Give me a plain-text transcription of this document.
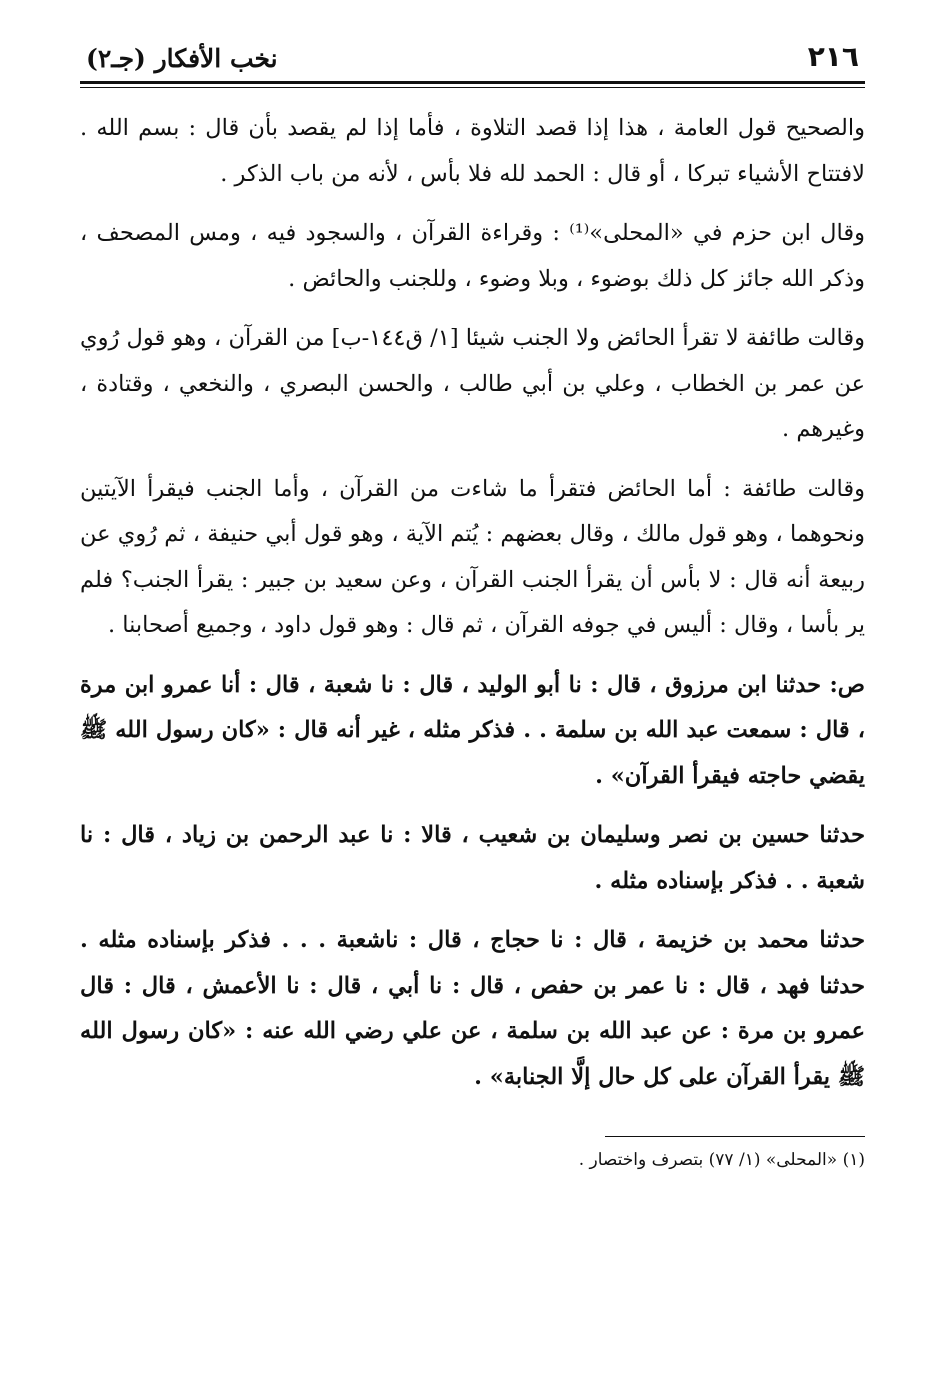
٢١٦
نخب الأفكار (جـ٢)

والصحيح قول العامة ، هذا إذا قصد التلاوة ، فأما إذا لم يقصد بأن قال : بسم الله . لافتتاح الأشياء تبركا ، أو قال : الحمد لله فلا بأس ، لأنه من باب الذكر .

وقال ابن حزم في «المحلى»⁽¹⁾ : وقراءة القرآن ، والسجود فيه ، ومس المصحف ، وذكر الله جائز كل ذلك بوضوء ، وبلا وضوء ، وللجنب والحائض .

وقالت طائفة لا تقرأ الحائض ولا الجنب شيئا [١/ ق١٤٤-ب] من القرآن ، وهو قول رُوي عن عمر بن الخطاب ، وعلي بن أبي طالب ، والحسن البصري ، والنخعي ، وقتادة ، وغيرهم .

وقالت طائفة : أما الحائض فتقرأ ما شاءت من القرآن ، وأما الجنب فيقرأ الآيتين ونحوهما ، وهو قول مالك ، وقال بعضهم : يُتم الآية ، وهو قول أبي حنيفة ، ثم رُوي عن ربيعة أنه قال : لا بأس أن يقرأ الجنب القرآن ، وعن سعيد بن جبير : يقرأ الجنب؟ فلم ير بأسا ، وقال : أليس في جوفه القرآن ، ثم قال : وهو قول داود ، وجميع أصحابنا .

ص: حدثنا ابن مرزوق ، قال : نا أبو الوليد ، قال : نا شعبة ، قال : أنا عمرو ابن مرة ، قال : سمعت عبد الله بن سلمة . . فذكر مثله ، غير أنه قال : «كان رسول الله ﷺ يقضي حاجته فيقرأ القرآن» .

حدثنا حسين بن نصر وسليمان بن شعيب ، قالا : نا عبد الرحمن بن زياد ، قال : نا شعبة . . فذكر بإسناده مثله .

حدثنا محمد بن خزيمة ، قال : نا حجاج ، قال : ناشعبة . . . فذكر بإسناده مثله . حدثنا فهد ، قال : نا عمر بن حفص ، قال : نا أبي ، قال : نا الأعمش ، قال : قال عمرو بن مرة : عن عبد الله بن سلمة ، عن علي رضي الله عنه : «كان رسول الله ﷺ يقرأ القرآن على كل حال إلَّا الجنابة» .

(١) «المحلى» (١/ ٧٧) بتصرف واختصار .
